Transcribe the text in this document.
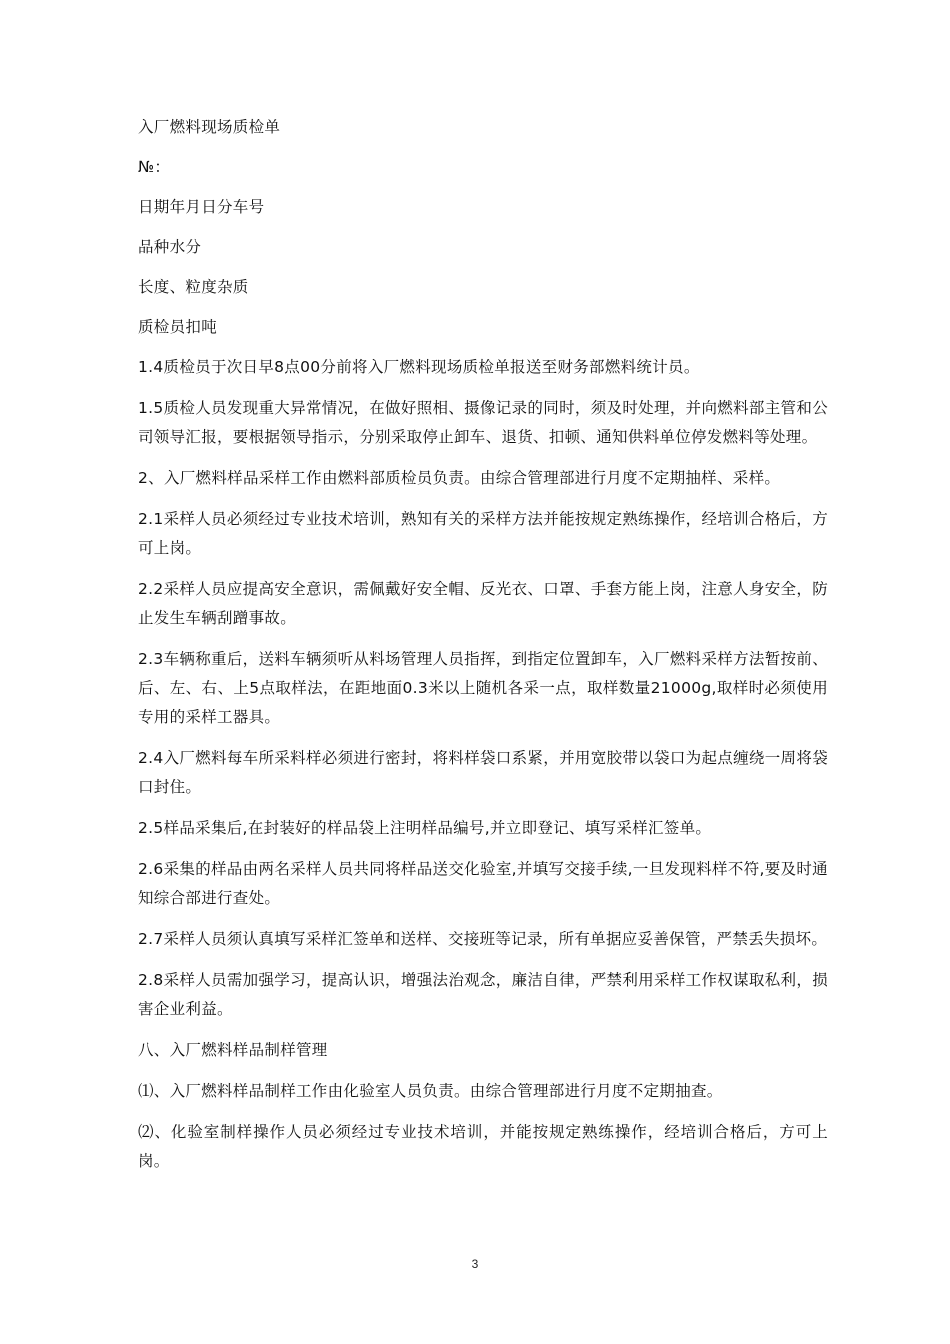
入厂燃料现场质检单

№：

日期年月日分车号

品种水分

长度、粒度杂质

质检员扣吨

1.4质检员于次日早8点00分前将入厂燃料现场质检单报送至财务部燃料统计员。

1.5质检人员发现重大异常情况，在做好照相、摄像记录的同时，须及时处理，并向燃料部主管和公司领导汇报，要根据领导指示，分别采取停止卸车、退货、扣顿、通知供料单位停发燃料等处理。

2、入厂燃料样品采样工作由燃料部质检员负责。由综合管理部进行月度不定期抽样、采样。

2.1采样人员必须经过专业技术培训，熟知有关的采样方法并能按规定熟练操作，经培训合格后，方可上岗。

2.2采样人员应提高安全意识，需佩戴好安全帽、反光衣、口罩、手套方能上岗，注意人身安全，防止发生车辆刮蹭事故。

2.3车辆称重后，送料车辆须听从料场管理人员指挥，到指定位置卸车，入厂燃料采样方法暂按前、后、左、右、上5点取样法，在距地面0.3米以上随机各采一点，取样数量21000g,取样时必须使用专用的采样工器具。

2.4入厂燃料每车所采料样必须进行密封，将料样袋口系紧，并用宽胶带以袋口为起点缠绕一周将袋口封住。

2.5样品采集后,在封装好的样品袋上注明样品编号,并立即登记、填写采样汇签单。

2.6采集的样品由两名采样人员共同将样品送交化验室,并填写交接手续,一旦发现料样不符,要及时通知综合部进行查处。

2.7采样人员须认真填写采样汇签单和送样、交接班等记录，所有单据应妥善保管，严禁丢失损坏。

2.8采样人员需加强学习，提高认识，增强法治观念，廉洁自律，严禁利用采样工作权谋取私利，损害企业利益。

八、入厂燃料样品制样管理

⑴、入厂燃料样品制样工作由化验室人员负责。由综合管理部进行月度不定期抽查。

⑵、化验室制样操作人员必须经过专业技术培训，并能按规定熟练操作，经培训合格后，方可上岗。

3
